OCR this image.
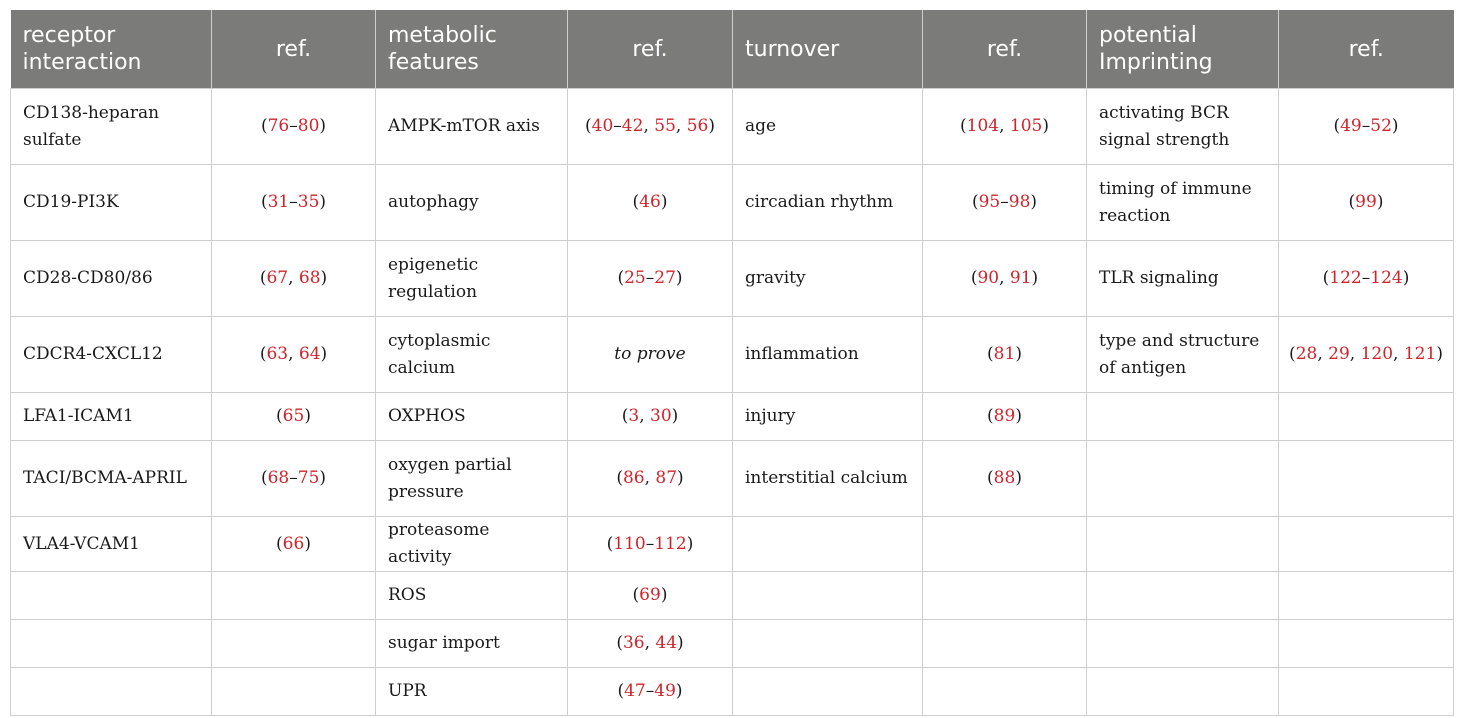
receptor interaction	ref.	metabolic features	ref.	turnover	ref.	potential Imprinting	ref.
CD138-heparan sulfate	(76–80)	AMPK-mTOR axis	(40–42, 55, 56)	age	(104, 105)	activating BCR signal strength	(49–52)
CD19-PI3K	(31–35)	autophagy	(46)	circadian rhythm	(95–98)	timing of immune reaction	(99)
CD28-CD80/86	(67, 68)	epigenetic regulation	(25–27)	gravity	(90, 91)	TLR signaling	(122–124)
CDCR4-CXCL12	(63, 64)	cytoplasmic calcium	to prove	inflammation	(81)	type and structure of antigen	(28, 29, 120, 121)
LFA1-ICAM1	(65)	OXPHOS	(3, 30)	injury	(89)		
TACI/BCMA-APRIL	(68–75)	oxygen partial pressure	(86, 87)	interstitial calcium	(88)		
VLA4-VCAM1	(66)	proteasome activity	(110–112)				
		ROS	(69)				
		sugar import	(36, 44)				
		UPR	(47–49)				
